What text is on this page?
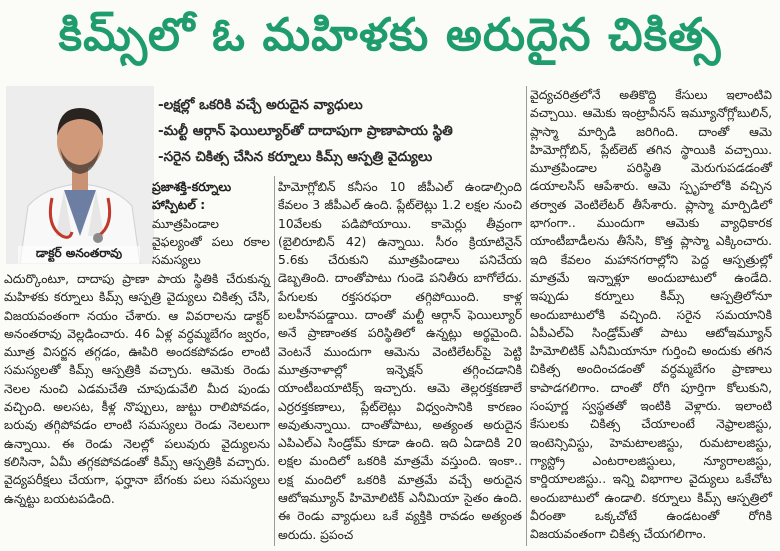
కిమ్స్‌లో ఓ మహిళకు అరుదైన చికిత్స
డాక్టర్ అనంతరావు
-లక్షల్లో ఒకరికి వచ్చే అరుదైన వ్యాధులు
-మల్టీ ఆర్గాన్ ఫెయిల్యూర్‌తో దాదాపుగా ప్రాణాపాయ స్థితి
-సరైన చికిత్స చేసిన కర్నూలు కిమ్స్ ఆస్పత్రి వైద్యులు

ప్రజాశక్తి-కర్నూలు హాస్పిటల్ :

మూత్రపిండాల వైఫల్యంతో పలు రకాల సమస్యలు

ఎదుర్కొంటూ, దాదాపు ప్రాణా పాయ స్థితికి చేరుకున్న మహిళకు కర్నూలు కిమ్స్ ఆస్పత్రి వైద్యులు చికిత్స చేసి, విజయవంతంగా నయం చేశారు. ఆ వివరాలను డాక్టర్ అనంతరావు వెల్లడించారు. 46 ఏళ్ల వర్ధమ్మబేగం జ్వరం, మూత్ర విసర్జన తగ్గడం, ఊపిరి అందకపోవడం లాంటి సమస్యలతో కిమ్స్ ఆస్పత్రికి వచ్చారు. ఆమెకు రెండు నెలల నుంచి ఎడమచేతి చూపుడువేలి మీద పుండు వచ్చింది. అలసట, కీళ్ల నొప్పులు, జుట్టు రాలిపోవడం, బరువు తగ్గిపోవడం లాంటి సమస్యలు రెండు నెలలుగా ఉన్నాయి. ఈ రెండు నెలల్లో పలువురు వైద్యులను కలిసినా, ఏమీ తగ్గకపోవడంతో కిమ్స్ ఆస్పత్రికి వచ్చారు. వైద్యపరీక్షలు చేయగా, ఫర్హానా బేగంకు పలు సమస్యలు ఉన్నట్టు బయటపడింది.

హిమోగ్లోబిన్ కనీసం 10 జీపీఎల్ ఉండాల్సింది కేవలం 3 జీపీఎల్ ఉంది. ప్లేట్‌లెట్లు 1.2 లక్షల నుంచి 10వేలకు పడిపోయాయి. కామెర్లు తీవ్రంగా (బైలిరూబిన్ 42) ఉన్నాయి. సీరం క్రియాటినైన్ 5.6కు చేరుకుని మూత్రపిండాలు పనిచేయ డెబ్బతింది. దాంతోపాటు గుండె పనితీరు బాగోలేదు. పేగులకు రక్తసరఫరా తగ్గిపోయింది. కాళ్ల బలహీనపడ్డాయి. దాంతో మల్టీ ఆర్గాన్ ఫెయిల్యూర్ అనే ప్రాణాంతక పరిస్థితిలో ఉన్నట్లు అర్థమైంది. వెంటనే ముందుగా ఆమెను వెంటిలేటర్‌పై పెట్టి మూత్రనాళాల్లో ఇన్ఫెక్షన్ తగ్గించడానికి యాంటీబయాటిక్స్ ఇచ్చారు. ఆమె తెల్లరక్తకణాలే ఎర్రరక్తకణాలు, ప్లేట్‌లెట్లు విధ్వంసానికి కారణం అవుతున్నాయి. దాంతోపాటు, అత్యంత అరుదైన ఎపిఎల్ఎ సిండ్రోమ్ కూడా ఉంది. ఇది ఏడాదికి 20 లక్షల మందిలో ఒకరికి మాత్రమే వస్తుంది. ఇంకా.. లక్ష మందిలో ఒకరికి మాత్రమే వచ్చే అరుదైన ఆటోఇమ్యూన్ హిమోలిటిక్ ఎనీమియా సైతం ఉంది. ఈ రెండు వ్యాధులు ఒకే వ్యక్తికి రావడం అత్యంత అరుదు. ప్రపంచ

వైద్యచరిత్రలోనే అతికొద్ది కేసులు ఇలాంటివి వచ్చాయి. ఆమెకు ఇంట్రావీనస్ ఇమ్యూనోగ్లోబులిన్, ప్లాస్మా మార్పిడి జరిగింది. దాంతో ఆమె హిమోగ్లోబిన్, ప్లేట్‌లెట్ తగిన స్థాయికి వచ్చాయి. మూత్రపిండాల పరిస్థితి మెరుగుపడడంతో డయాలసిస్ ఆపేశారు. ఆమె స్పృహలోకి వచ్చిన తర్వాత వెంటిలేటర్ తీసేశారు. ప్లాస్మా మార్పిడిలో భాగంగా.. ముందుగా ఆమెకు వ్యాధికారక యాంటీబాడీలను తీసేసి, కొత్త ప్లాస్మా ఎక్కించారు. ఇది కేవలం మహానగరాల్లోని పెద్ద ఆస్పత్రుల్లో మాత్రమే ఇన్నాళ్లూ అందుబాటులో ఉండేది. ఇప్పుడు కర్నూలు కిమ్స్ ఆస్పత్రిలోనూ అందుబాటులోకి వచ్చింది. సరైన సమయానికి ఏపీఎల్ఏ సిండ్రోమ్‌తో పాటు ఆటోఇమ్యూన్ హిమోలిటిక్ ఎనీమియానూ గుర్తించి అందుకు తగిన చికిత్స అందించడంతో వర్ధమ్మబేగం ప్రాణాలు కాపాడగలిగాం. దాంతో రోగి పూర్తిగా కోలుకుని, సంపూర్ణ స్వస్థతతో ఇంటికి వెళ్లారు. ఇలాంటి కేసులకు చికిత్స చేయాలంటే నెఫ్రాలజిస్టు, ఇంటెన్సివిస్టు, హెమటాలజిస్టు, రుమటాలజిస్టు, గ్యాస్ట్రో ఎంటరాలజిస్టులు, న్యూరాలజిస్టు, కార్డియాలజిస్టు.. ఇన్ని విభాగాల వైద్యులు ఒకేచోట అందుబాటులో ఉండాలి. కర్నూలు కిమ్స్ ఆస్పత్రిలో వీరంతా ఒక్కచోటే ఉండటంతో రోగికి విజయవంతంగా చికిత్స చేయగలిగాం.
